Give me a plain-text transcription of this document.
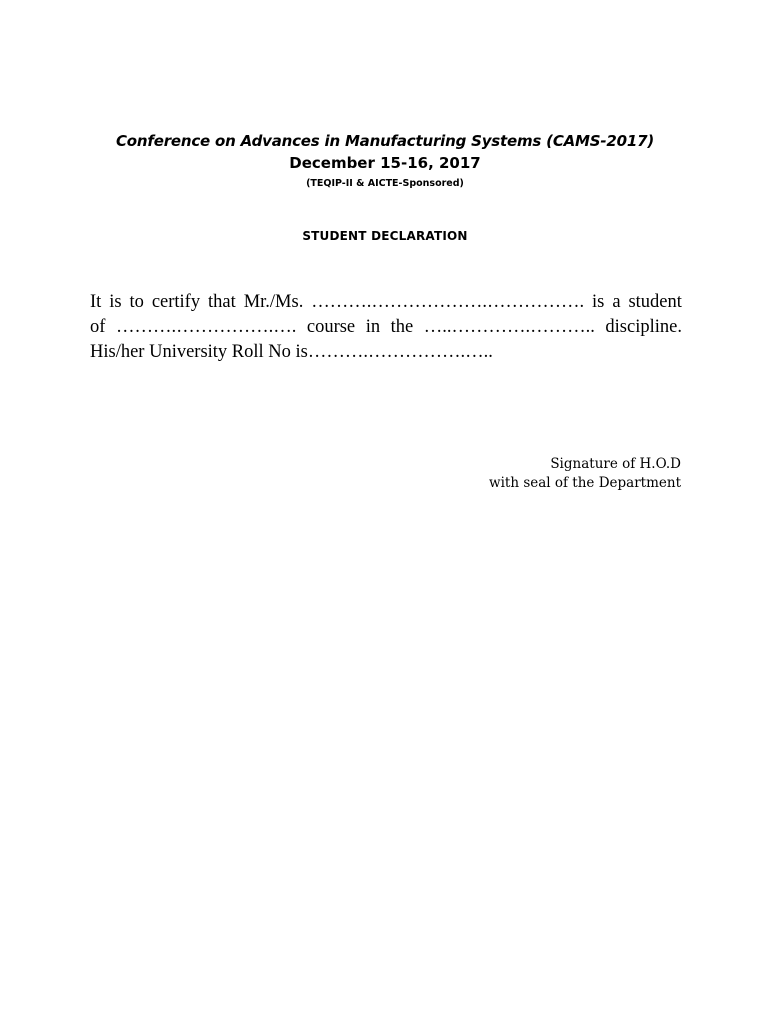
Conference on Advances in Manufacturing Systems (CAMS-2017)
December 15-16, 2017
(TEQIP-II & AICTE-Sponsored)
STUDENT DECLARATION
It is to certify that Mr./Ms. ……….……………….……………. is a student
of ……….…………….…. course in the …..………….……….. discipline.
His/her University Roll No is……….…………….…..
Signature of H.O.D
with seal of the Department
